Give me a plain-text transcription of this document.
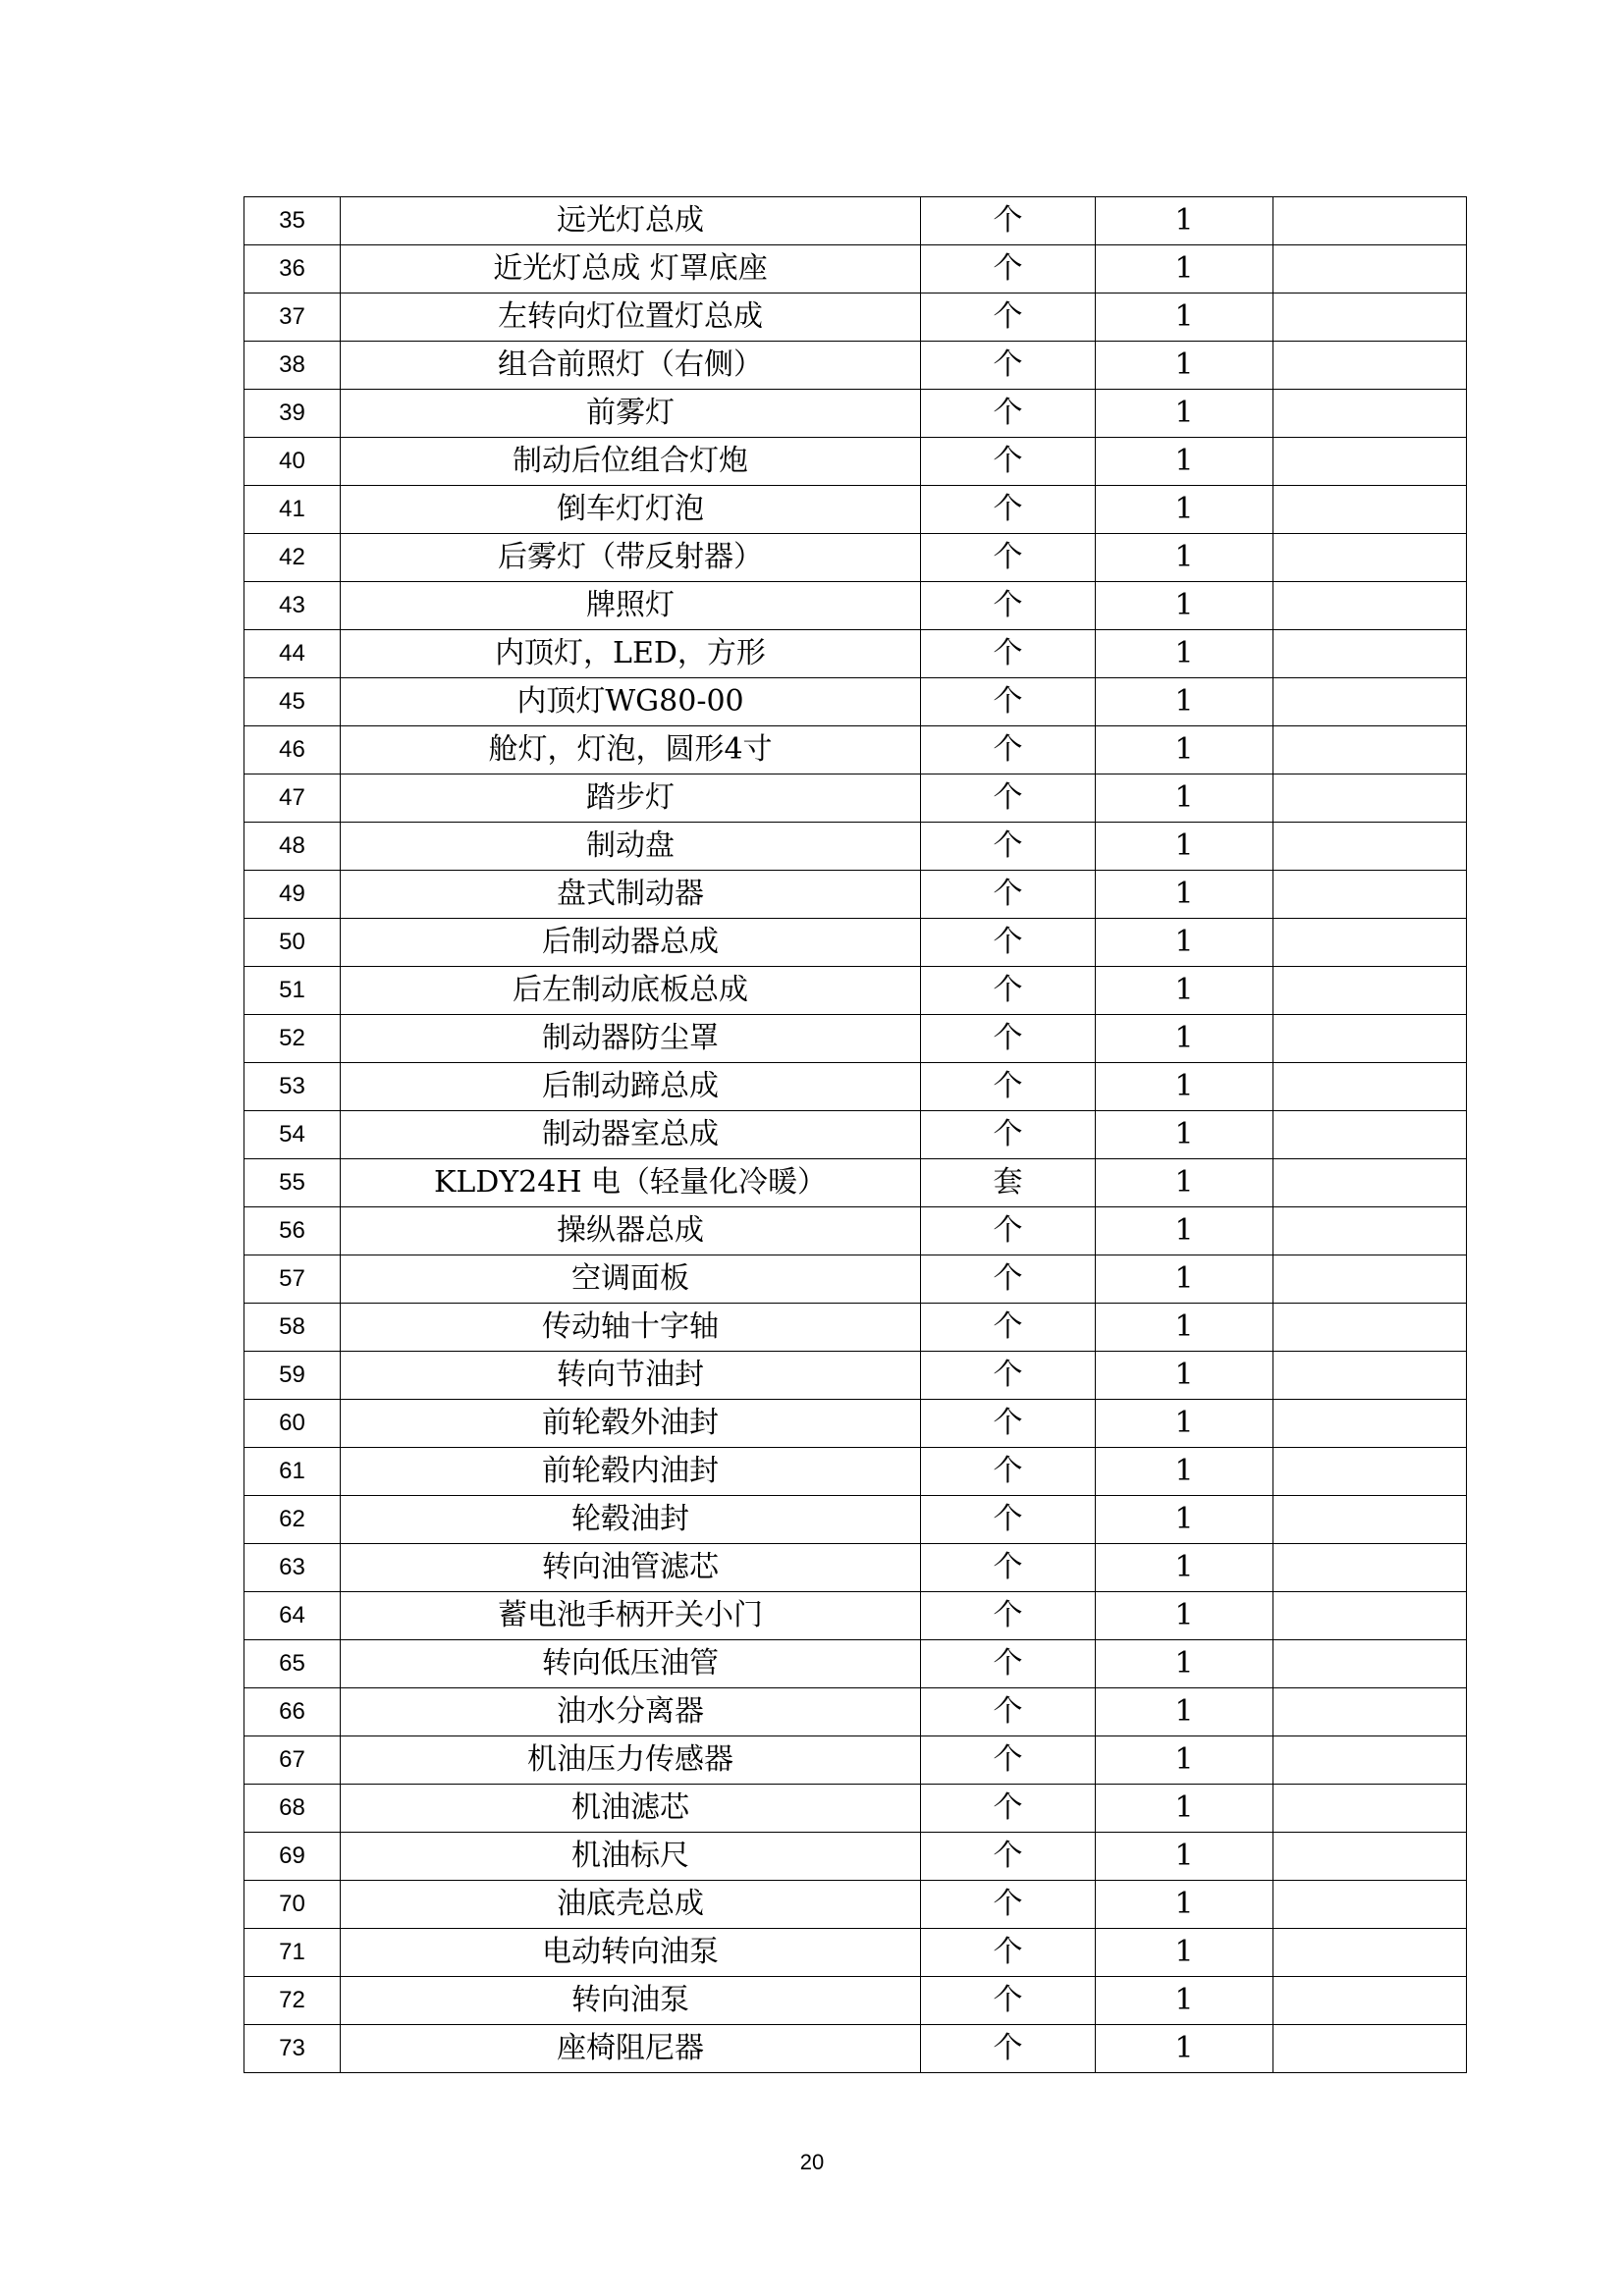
35	远光灯总成	个	1	
36	近光灯总成 灯罩底座	个	1	
37	左转向灯位置灯总成	个	1	
38	组合前照灯（右侧）	个	1	
39	前雾灯	个	1	
40	制动后位组合灯炮	个	1	
41	倒车灯灯泡	个	1	
42	后雾灯（带反射器）	个	1	
43	牌照灯	个	1	
44	内顶灯，LED，方形	个	1	
45	内顶灯WG80-00	个	1	
46	舱灯，灯泡，圆形4寸	个	1	
47	踏步灯	个	1	
48	制动盘	个	1	
49	盘式制动器	个	1	
50	后制动器总成	个	1	
51	后左制动底板总成	个	1	
52	制动器防尘罩	个	1	
53	后制动蹄总成	个	1	
54	制动器室总成	个	1	
55	KLDY24H 电（轻量化冷暖）	套	1	
56	操纵器总成	个	1	
57	空调面板	个	1	
58	传动轴十字轴	个	1	
59	转向节油封	个	1	
60	前轮毂外油封	个	1	
61	前轮毂内油封	个	1	
62	轮毂油封	个	1	
63	转向油管滤芯	个	1	
64	蓄电池手柄开关小门	个	1	
65	转向低压油管	个	1	
66	油水分离器	个	1	
67	机油压力传感器	个	1	
68	机油滤芯	个	1	
69	机油标尺	个	1	
70	油底壳总成	个	1	
71	电动转向油泵	个	1	
72	转向油泵	个	1	
73	座椅阻尼器	个	1	
20
